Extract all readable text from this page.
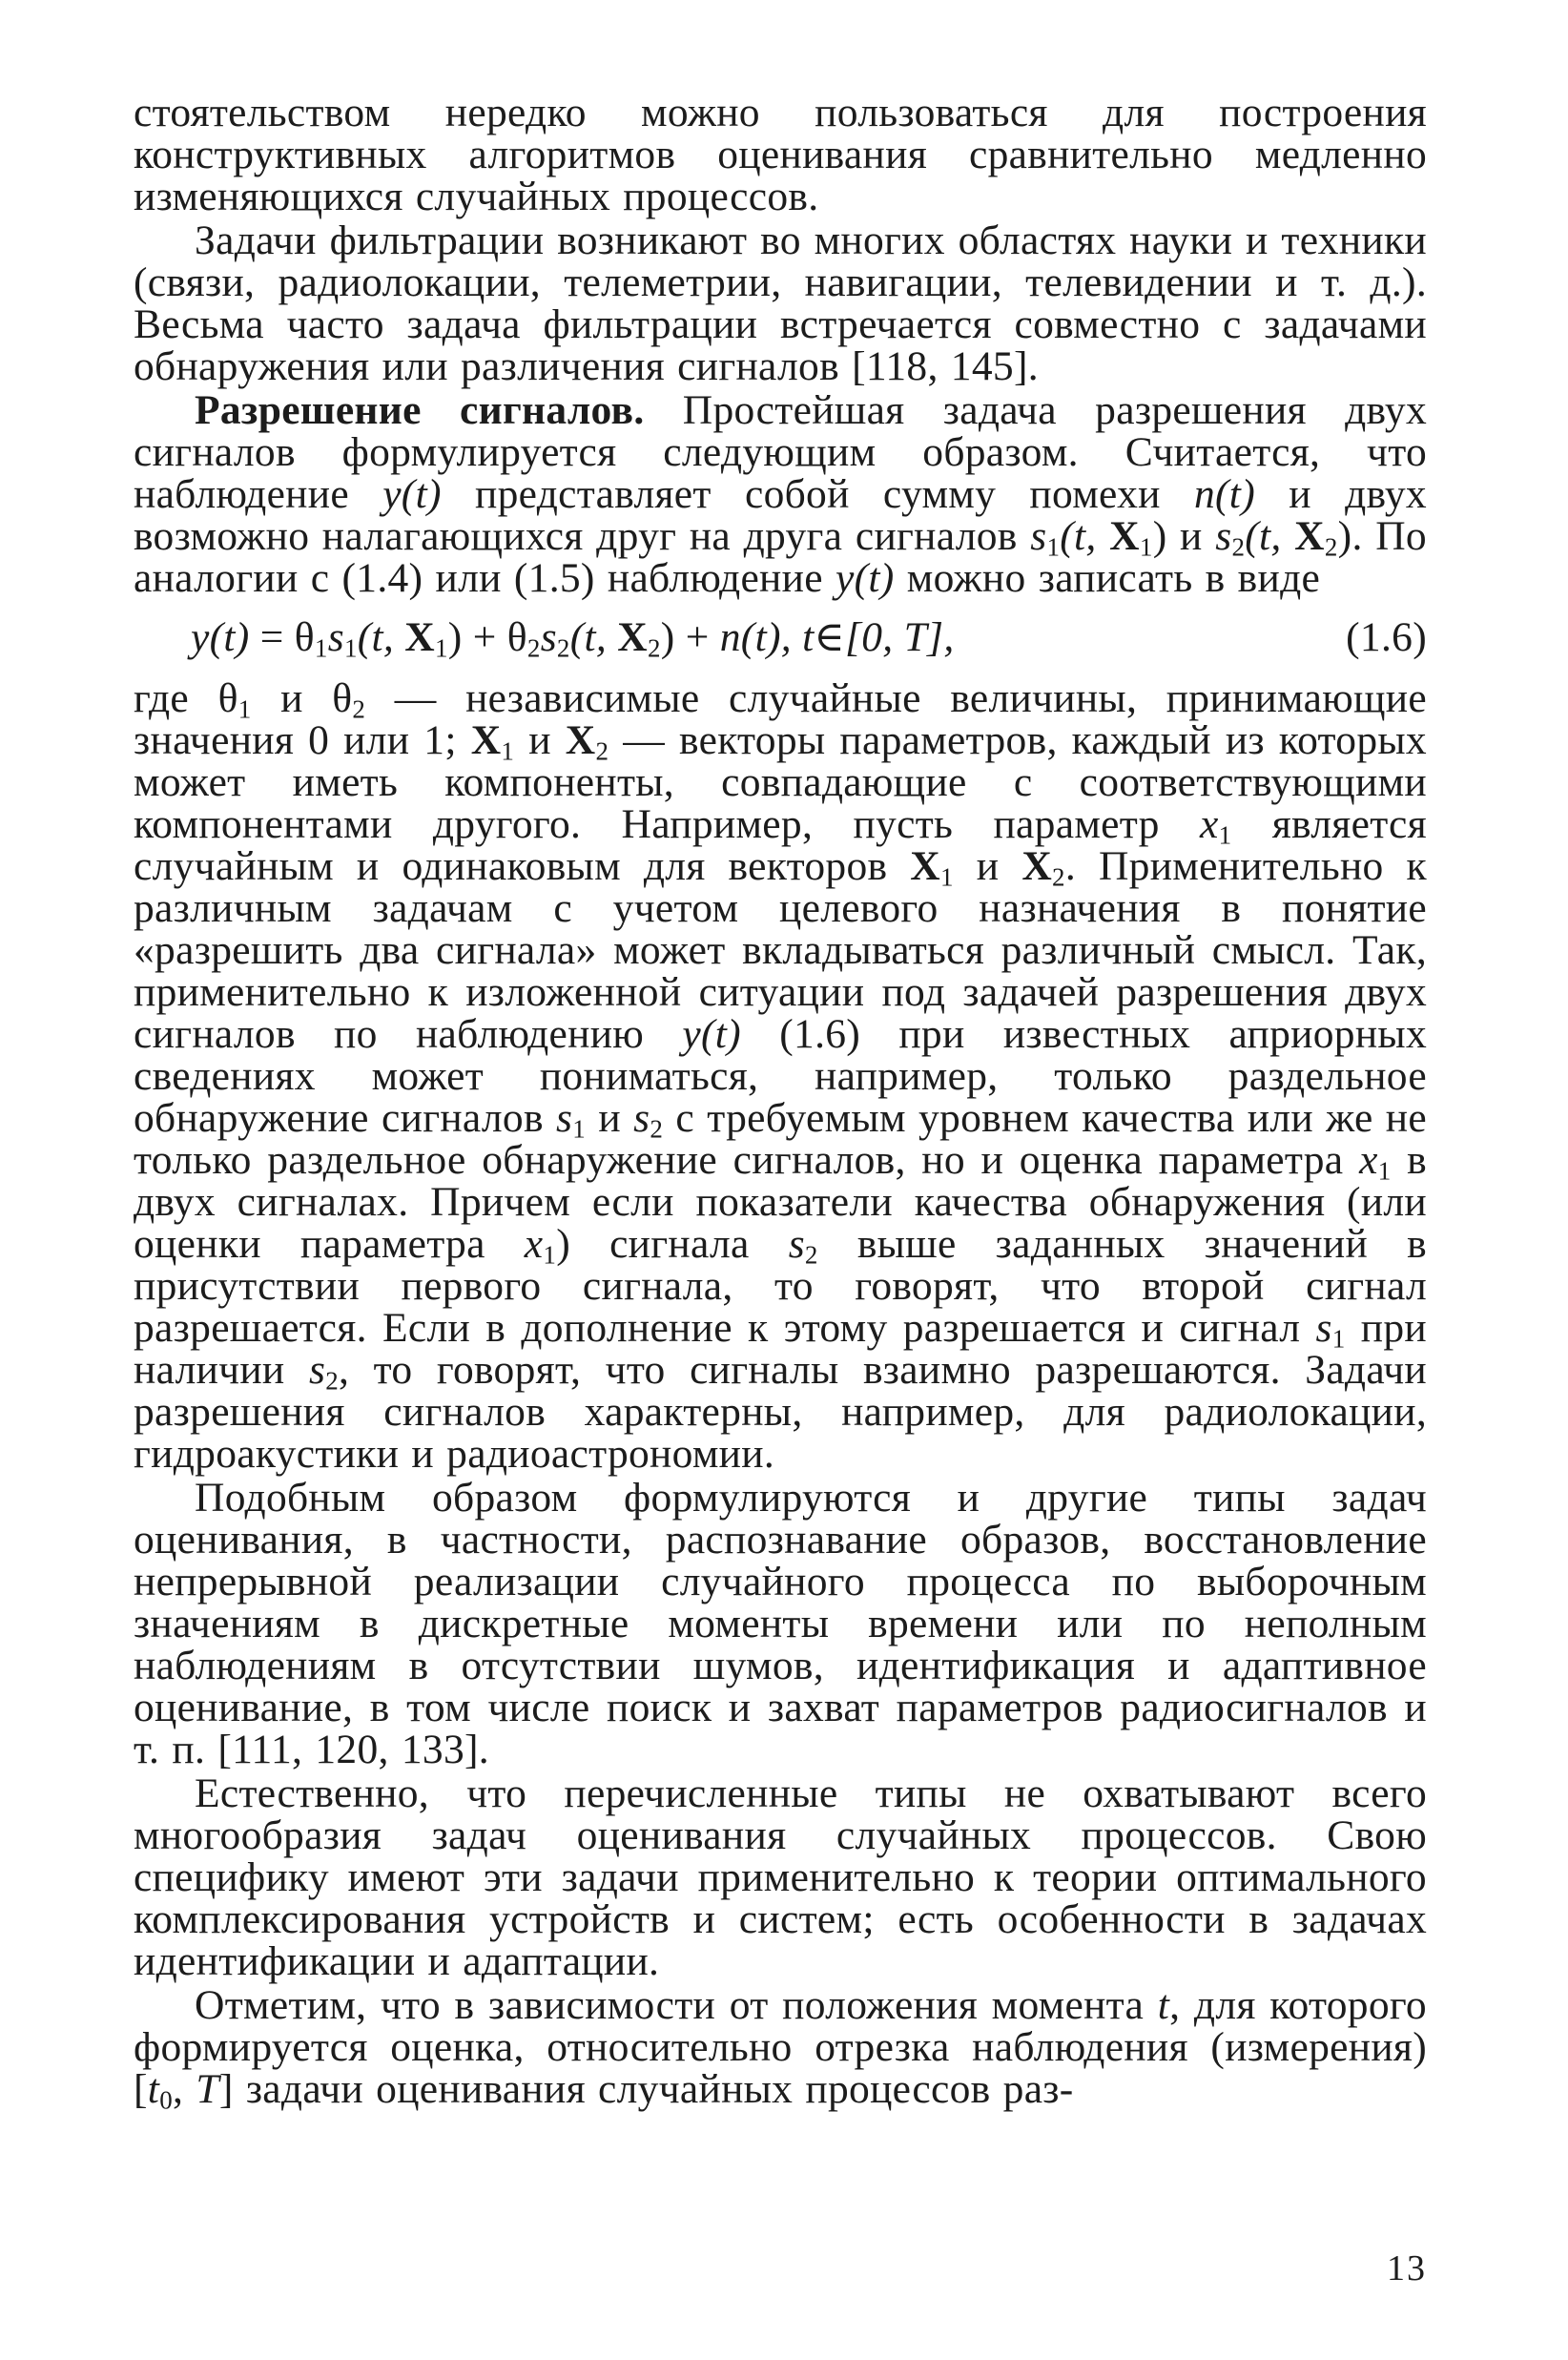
стоятельством нередко можно пользоваться для построения конструктивных алгоритмов оценивания сравнительно медленно изменяющихся случайных процессов.

Задачи фильтрации возникают во многих областях науки и техники (связи, радиолокации, телеметрии, навигации, телевидении и т. д.). Весьма часто задача фильтрации встречается совместно с задачами обнаружения или различения сигналов [118, 145].

Разрешение сигналов. Простейшая задача разрешения двух сигналов формулируется следующим образом. Считается, что наблюдение y(t) представляет собой сумму помехи n(t) и двух возможно налагающихся друг на друга сигналов $s_1(t$, $X_1$) и $s_2(t$, $X_2$). По аналогии с (1.4) или (1.5) наблюдение y(t) можно записать в виде

$y(t) = \theta_1s_1(t$, $X_1) + \theta_2s_2(t$, $X_2) + n(t)$, t∈[0, T],	(1.6)

где $\theta_1$ и $\theta_2$ — независимые случайные величины, принимающие значения 0 или 1; $X_1$ и $X_2$ — векторы параметров, каждый из которых может иметь компоненты, совпадающие с соответствующими компонентами другого. Например, пусть параметр $x_1$ является случайным и одинаковым для векторов $X_1$ и $X_2$. Применительно к различным задачам с учетом целевого назначения в понятие «разрешить два сигнала» может вкладываться различный смысл. Так, применительно к изложенной ситуации под задачей разрешения двух сигналов по наблюдению y(t) (1.6) при известных априорных сведениях может пониматься, например, только раздельное обнаружение сигналов $s_1$ и $s_2$ с требуемым уровнем качества или же не только раздельное обнаружение сигналов, но и оценка параметра $x_1$ в двух сигналах. Причем если показатели качества обнаружения (или оценки параметра $x_1$) сигнала $s_2$ выше заданных значений в присутствии первого сигнала, то говорят, что второй сигнал разрешается. Если в дополнение к этому разрешается и сигнал $s_1$ при наличии $s_2$, то говорят, что сигналы взаимно разрешаются. Задачи разрешения сигналов характерны, например, для радиолокации, гидроакустики и радиоастрономии.

Подобным образом формулируются и другие типы задач оценивания, в частности, распознавание образов, восстановление непрерывной реализации случайного процесса по выборочным значениям в дискретные моменты времени или по неполным наблюдениям в отсутствии шумов, идентификация и адаптивное оценивание, в том числе поиск и захват параметров радиосигналов и т. п. [111, 120, 133].

Естественно, что перечисленные типы не охватывают всего многообразия задач оценивания случайных процессов. Свою специфику имеют эти задачи применительно к теории оптимального комплексирования устройств и систем; есть особенности в задачах идентификации и адаптации.

Отметим, что в зависимости от положения момента t, для которого формируется оценка, относительно отрезка наблюдения (измерения) [$t_0$, T] задачи оценивания случайных процессов раз-

13
